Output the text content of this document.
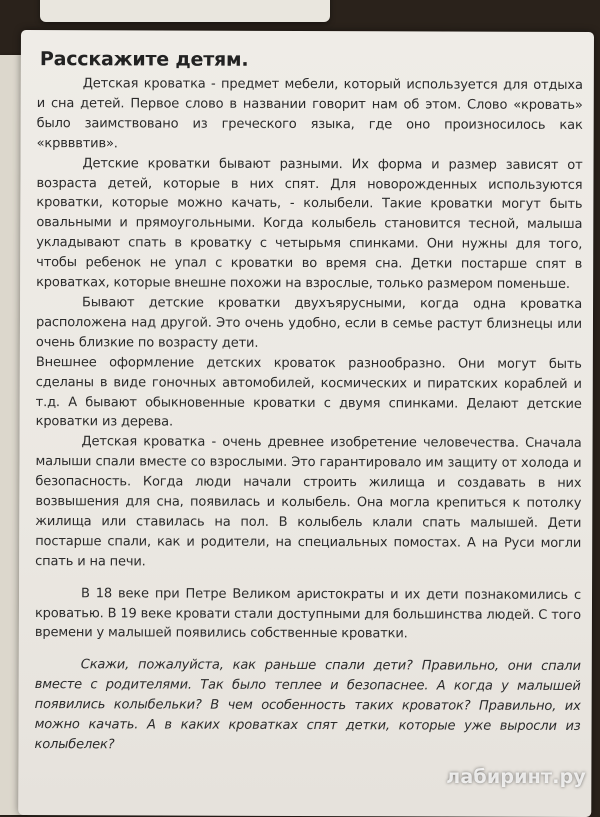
Расскажите детям.

Детская кроватка - предмет мебели, который используется для отдыха и сна детей. Первое слово в названии говорит нам об этом. Слово «кровать» было заимствовано из греческого языка, где оно произносилось как «крвввтив».

Детские кроватки бывают разными. Их форма и размер зависят от возраста детей, которые в них спят. Для новорожденных используются кроватки, которые можно качать, - колыбели. Такие кроватки могут быть овальными и прямоугольными. Когда колыбель становится тесной, малыша укладывают спать в кроватку с четырьмя спинками. Они нужны для того, чтобы ребенок не упал с кроватки во время сна. Детки постарше спят в кроватках, которые внешне похожи на взрослые, только размером поменьше.

Бывают детские кроватки двухъярусными, когда одна кроватка расположена над другой. Это очень удобно, если в семье растут близнецы или очень близкие по возрасту дети.

Внешнее оформление детских кроваток разнообразно. Они могут быть сделаны в виде гоночных автомобилей, космических и пиратских кораблей и т.д. А бывают обыкновенные кроватки с двумя спинками. Делают детские кроватки из дерева.

Детская кроватка - очень древнее изобретение человечества. Сначала малыши спали вместе со взрослыми. Это гарантировало им защиту от холода и безопасность. Когда люди начали строить жилища и создавать в них возвышения для сна, появилась и колыбель. Она могла крепиться к потолку жилища или ставилась на пол. В колыбель клали спать малышей. Дети постарше спали, как и родители, на специальных помостах. А на Руси могли спать и на печи.

В 18 веке при Петре Великом аристократы и их дети познакомились с кроватью. В 19 веке кровати стали доступными для большинства людей. С того времени у малышей появились собственные кроватки.

Скажи, пожалуйста, как раньше спали дети? Правильно, они спали вместе с родителями. Так было теплее и безопаснее. А когда у малышей появились колыбельки? В чем особенность таких кроваток? Правильно, их можно качать. А в каких кроватках спят детки, которые уже выросли из колыбелек?

лабиринт.ру
